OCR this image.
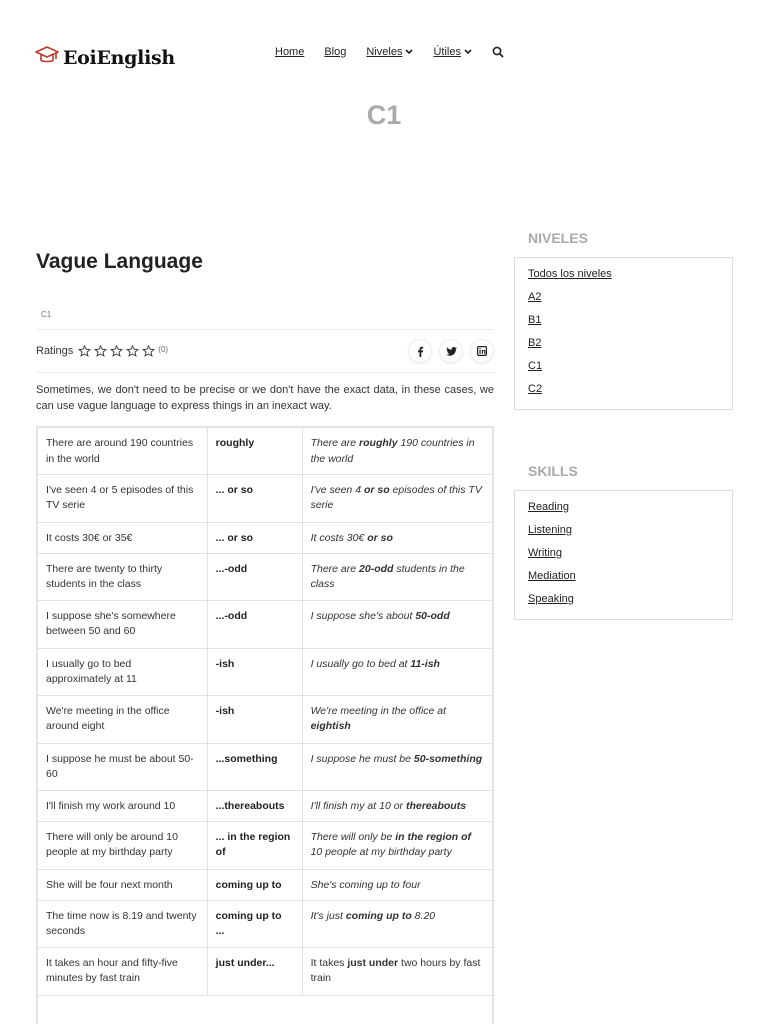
EoiEnglish	Home Blog Niveles	Útiles
C1
Vague Language
C1
Ratings	(0)

Sometimes, we don't need to be precise or we don't have the exact data, in these cases, we can use vague language to express things in an inexact way.

There are around 190 countries in the world	roughly	There are roughly 190 countries in the world
I've seen 4 or 5 episodes of this TV serie	... or so	I've seen 4 or so episodes of this TV serie
It costs 30€ or 35€	... or so	It costs 30€ or so
There are twenty to thirty students in the class	...-odd	There are 20-odd students in the class
I suppose she's somewhere between 50 and 60	...-odd	I suppose she's about 50-odd
I usually go to bed approximately at 11	-ish	I usually go to bed at 11-ish
We're meeting in the office around eight	-ish	We're meeting in the office at eightish
I suppose he must be about 50-60	...something	I suppose he must be 50-something
I'll finish my work around 10	...thereabouts	I'll finish my at 10 or thereabouts
There will only be around 10 people at my birthday party	... in the region of	There will only be in the region of 10 people at my birthday party
She will be four next month	coming up to	She's coming up to four
The time now is 8.19 and twenty seconds	coming up to ...	It's just coming up to 8.20
It takes an hour and fifty-five minutes by fast train	just under...	It takes just under two hours by fast train

NIVELES
Todos los niveles
A2
B1
B2
C1
C2
SKILLS
Reading
Listening
Writing
Mediation
Speaking
